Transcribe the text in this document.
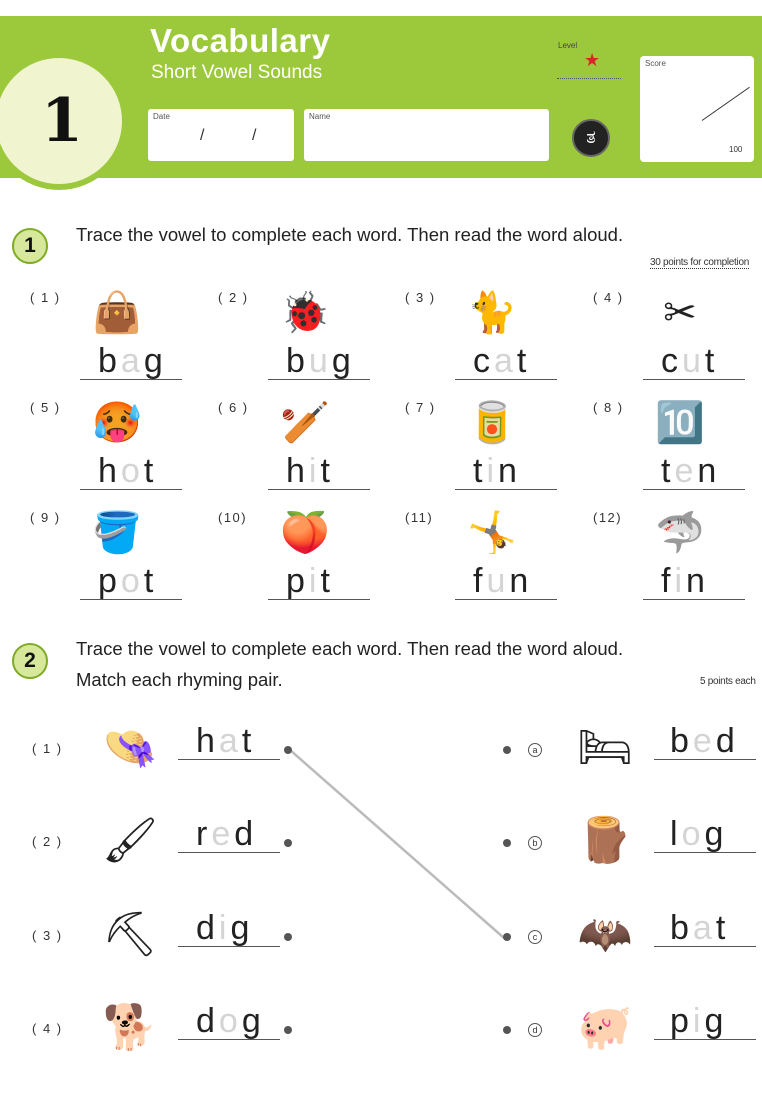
1
Vocabulary
Short Vowel Sounds
Date
/	/
Name
Level
★
ತ
Score
100
1	Trace the vowel to complete each word. Then read the word aloud.
30 points for completion
( 1 ) 👜
bag
( 2 ) 🐞
bug
( 3 ) 🐈
cat
( 4 ) ✂
cut
( 5 ) 🥵
hot
( 6 ) 🏏
hit
( 7 ) 🥫
tin
( 8 ) 🔟
ten
( 9 ) 🪣
pot
(10) 🍑
pit
(11) 🤸
fun
(12) 🦈
fin
2
Trace the vowel to complete each word. Then read the word aloud.
Match each rhyming pair.	5 points each
( 1 ) 👒	hat
( 2 ) 🖌	red
( 3 ) ⛏	dig
( 4 ) 🐕	dog
a 🛏	bed
b 🪵	log
c 🦇	bat
d 🐖	pig
